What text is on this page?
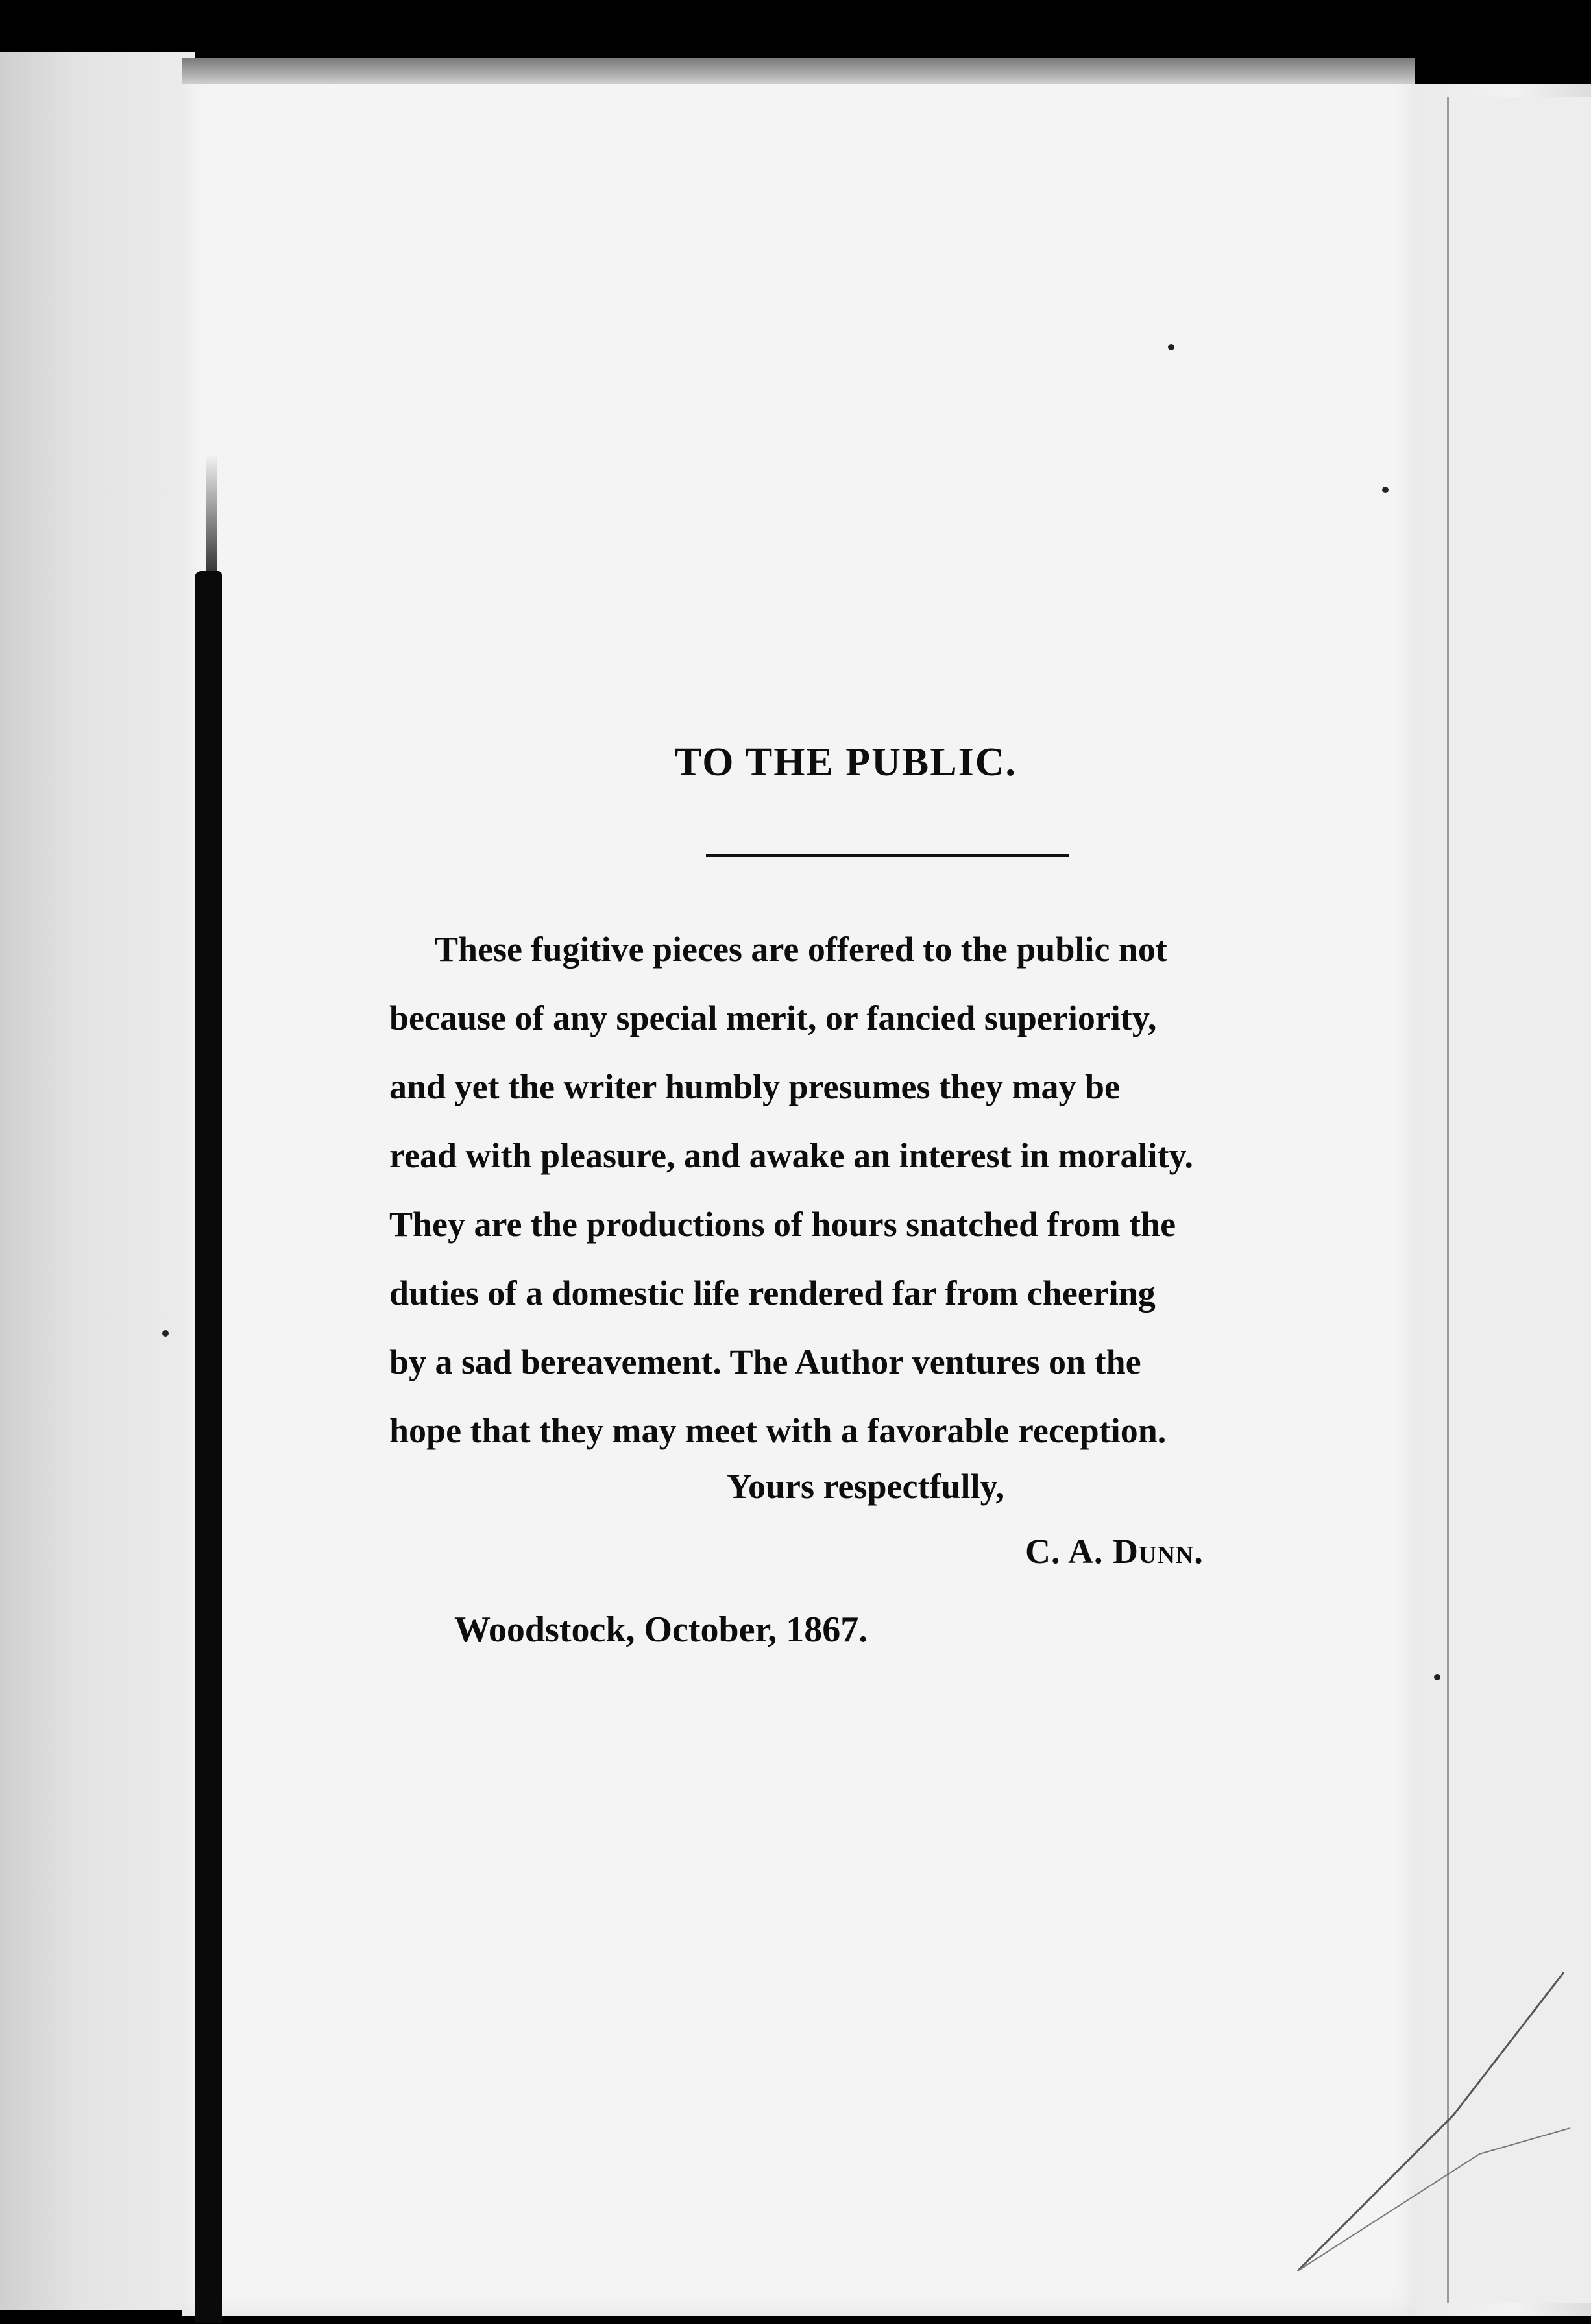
TO THE PUBLIC.
These fugitive pieces are offered to the public not
because of any special merit, or fancied superiority,
and yet the writer humbly presumes they may be
read with pleasure, and awake an interest in morality.
They are the productions of hours snatched from the
duties of a domestic life rendered far from cheering
by a sad bereavement. The Author ventures on the
hope that they may meet with a favorable reception.
Yours respectfully,
C. A. Dunn.
Woodstock, October, 1867.
